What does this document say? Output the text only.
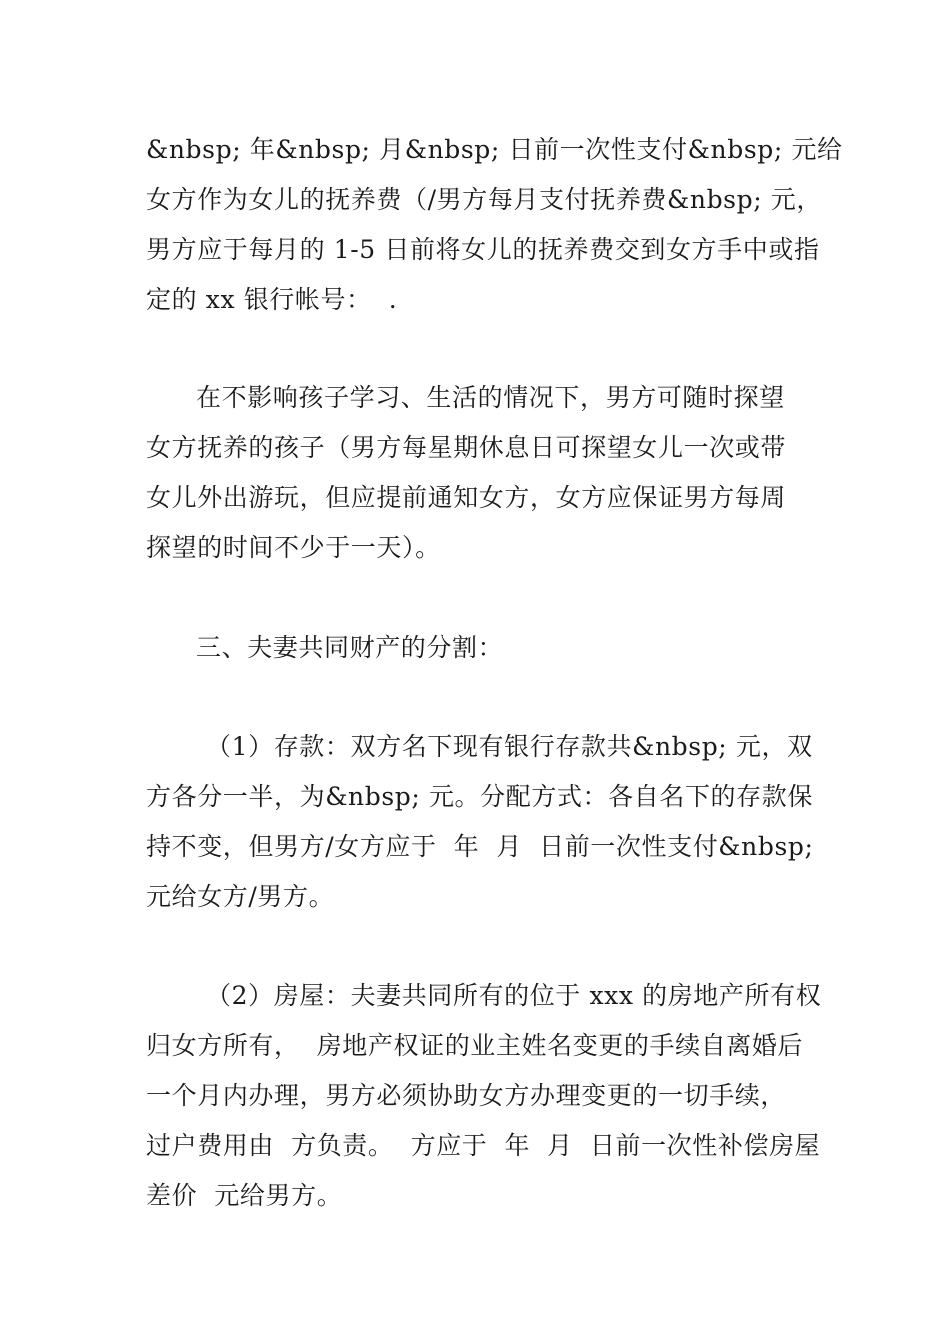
&nbsp; 年&nbsp; 月&nbsp; 日前一次性支付&nbsp; 元给
女方作为女儿的抚养费（/男方每月支付抚养费&nbsp; 元，
男方应于每月的 1-5 日前将女儿的抚养费交到女方手中或指
定的 xx 银行帐号：  .
在不影响孩子学习、生活的情况下，男方可随时探望
女方抚养的孩子（男方每星期休息日可探望女儿一次或带
女儿外出游玩，但应提前通知女方，女方应保证男方每周
探望的时间不少于一天）。
三、夫妻共同财产的分割：
（1）存款：双方名下现有银行存款共&nbsp; 元，双
方各分一半，为&nbsp; 元。分配方式：各自名下的存款保
持不变，但男方/女方应于  年  月  日前一次性支付&nbsp;
元给女方/男方。
（2）房屋：夫妻共同所有的位于 xxx 的房地产所有权
归女方所有，  房地产权证的业主姓名变更的手续自离婚后
一个月内办理，男方必须协助女方办理变更的一切手续，
过户费用由  方负责。  方应于  年  月  日前一次性补偿房屋
差价  元给男方。
